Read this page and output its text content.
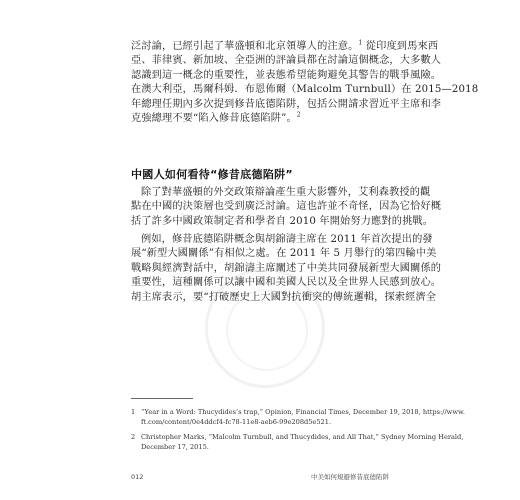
泛討論，已經引起了華盛頓和北京領導人的注意。$^1$ 從印度到馬來西
亞、菲律賓、新加坡、全亞洲的評論員都在討論這個概念，大多數人
認識到這一概念的重要性，並表態希望能夠避免其警告的戰爭風險。
在澳大利亞，馬爾科姆．布恩佈爾（Malcolm Turnbull）在 2015—2018
年總理任期內多次提到修昔底德陷阱，包括公開請求習近平主席和李
克強總理不要“陷入修昔底德陷阱”。$^2$
中國人如何看待“修昔底德陷阱”
除了對華盛頓的外交政策辯論產生重大影響外，艾利森教授的觀
點在中國的決策層也受到廣泛討論。這也許並不奇怪，因為它恰好概
括了許多中國政策制定者和學者自 2010 年開始努力應對的挑戰。
例如，修昔底德陷阱概念與胡錦濤主席在 2011 年首次提出的發
展“新型大國關係”有相似之處。在 2011 年 5 月舉行的第四輪中美
戰略與經濟對話中，胡錦濤主席闡述了中美共同發展新型大國關係的
重要性，這種關係可以讓中國和美國人民以及全世界人民感到放心。
胡主席表示，要“打破歷史上大國對抗衝突的傳統邏輯，探索經濟全
1 “Year in a Word: Thucydides’s trap,” Opinion, Financial Times, December 19, 2018, https://www.
ft.com/content/0e4ddcf4-fc78-11e8-aeb6-99e208d5e521.
2 Christopher Marks, “Malcolm Turnbull, and Thucydides, and All That,” Sydney Morning Herald,
December 17, 2015.
012	中美如何規避修昔底德陷阱
